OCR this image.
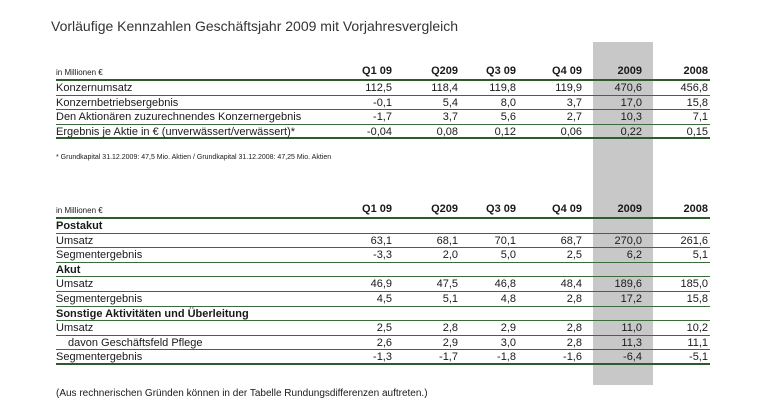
Vorläufige Kennzahlen Geschäftsjahr 2009 mit Vorjahresvergleich
in Millionen €	Q1 09	Q209	Q3 09	Q4 09	2009	2008
Konzernumsatz	112,5	118,4	119,8	119,9	470,6	456,8
Konzernbetriebsergebnis	-0,1	5,4	8,0	3,7	17,0	15,8
Den Aktionären zuzurechnendes Konzernergebnis	-1,7	3,7	5,6	2,7	10,3	7,1
Ergebnis je Aktie in € (unverwässert/verwässert)*	-0,04	0,08	0,12	0,06	0,22	0,15
* Grundkapital 31.12.2009: 47,5 Mio. Aktien / Grundkapital 31.12.2008: 47,25 Mio. Aktien
in Millionen €	Q1 09	Q209	Q3 09	Q4 09	2009	2008
Postakut
Umsatz	63,1	68,1	70,1	68,7	270,0	261,6
Segmentergebnis	-3,3	2,0	5,0	2,5	6,2	5,1
Akut
Umsatz	46,9	47,5	46,8	48,4	189,6	185,0
Segmentergebnis	4,5	5,1	4,8	2,8	17,2	15,8
Sonstige Aktivitäten und Überleitung
Umsatz	2,5	2,8	2,9	2,8	11,0	10,2
davon Geschäftsfeld Pflege	2,6	2,9	3,0	2,8	11,3	11,1
Segmentergebnis	-1,3	-1,7	-1,8	-1,6	-6,4	-5,1
(Aus rechnerischen Gründen können in der Tabelle Rundungsdifferenzen auftreten.)
